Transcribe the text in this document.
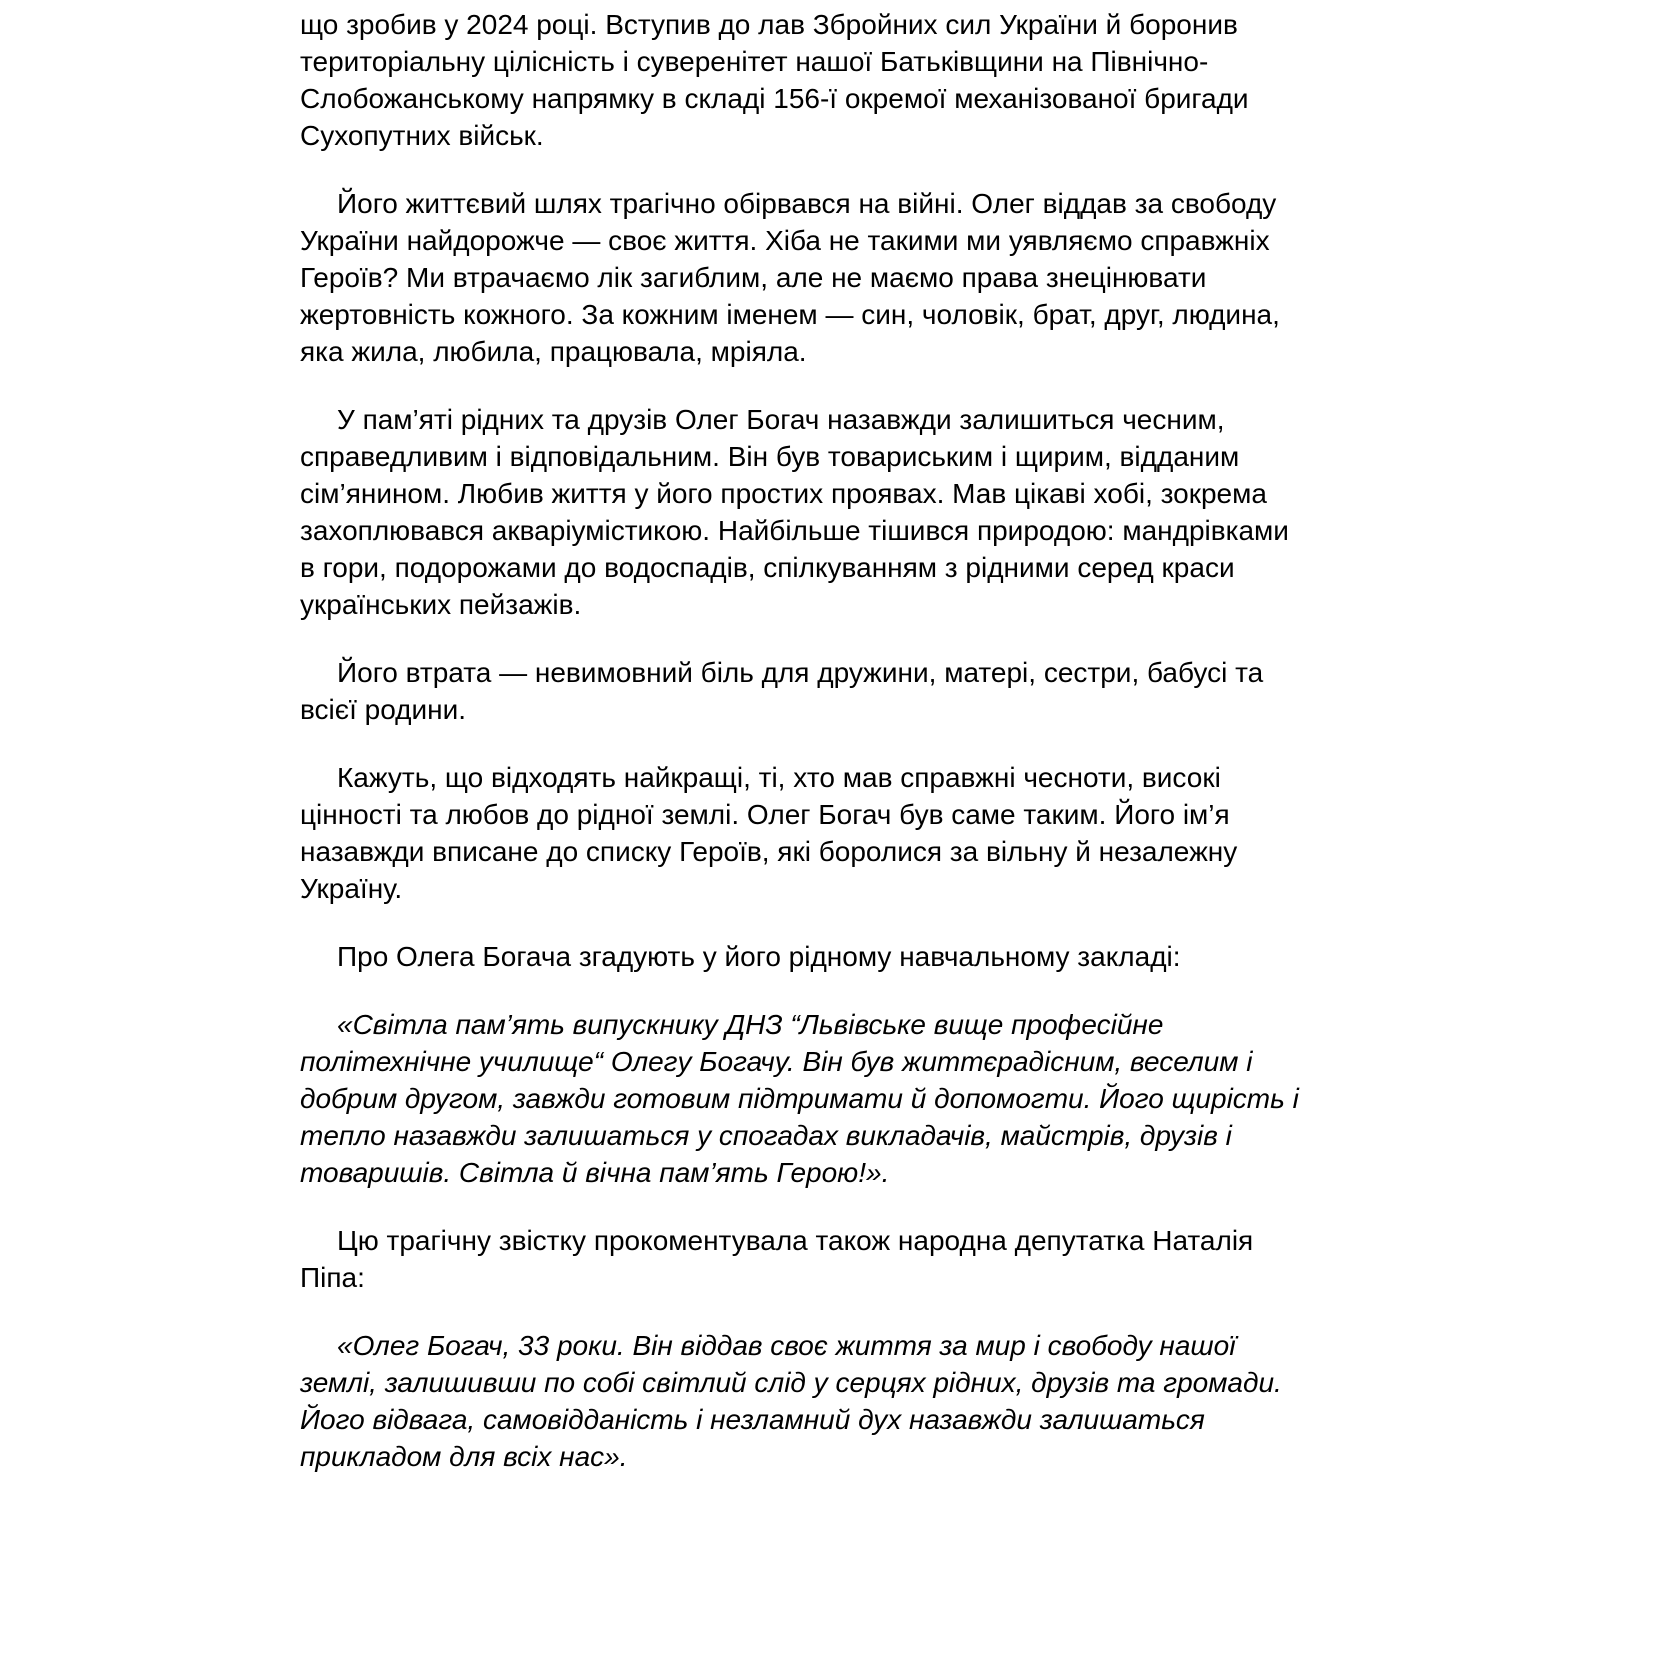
що зробив у 2024 році. Вступив до лав Збройних сил України й боронив територіальну цілісність і суверенітет нашої Батьківщини на Північно-Слобожанському напрямку в складі 156-ї окремої механізованої бригади Сухопутних військ.

Його життєвий шлях трагічно обірвався на війні. Олег віддав за свободу України найдорожче — своє життя. Хіба не такими ми уявляємо справжніх Героїв? Ми втрачаємо лік загиблим, але не маємо права знецінювати жертовність кожного. За кожним іменем — син, чоловік, брат, друг, людина, яка жила, любила, працювала, мріяла.

У пам’яті рідних та друзів Олег Богач назавжди залишиться чесним, справедливим і відповідальним. Він був товариським і щирим, відданим сім’янином. Любив життя у його простих проявах. Мав цікаві хобі, зокрема захоплювався акваріумістикою. Найбільше тішився природою: мандрівками в гори, подорожами до водоспадів, спілкуванням з рідними серед краси українських пейзажів.

Його втрата — невимовний біль для дружини, матері, сестри, бабусі та всієї родини.

Кажуть, що відходять найкращі, ті, хто мав справжні чесноти, високі цінності та любов до рідної землі. Олег Богач був саме таким. Його ім’я назавжди вписане до списку Героїв, які боролися за вільну й незалежну Україну.

Про Олега Богача згадують у його рідному навчальному закладі:

«Світла пам’ять випускнику ДНЗ “Львівське вище професійне політехнічне училище“ Олегу Богачу. Він був життєрадісним, веселим і добрим другом, завжди готовим підтримати й допомогти. Його щирість і тепло назавжди залишаться у спогадах викладачів, майстрів, друзів і товаришів. Світла й вічна пам’ять Герою!».

Цю трагічну звістку прокоментувала також народна депутатка Наталія Піпа:

«Олег Богач, 33 роки. Він віддав своє життя за мир і свободу нашої землі, залишивши по собі світлий слід у серцях рідних, друзів та громади. Його відвага, самовідданість і незламний дух назавжди залишаться прикладом для всіх нас».
